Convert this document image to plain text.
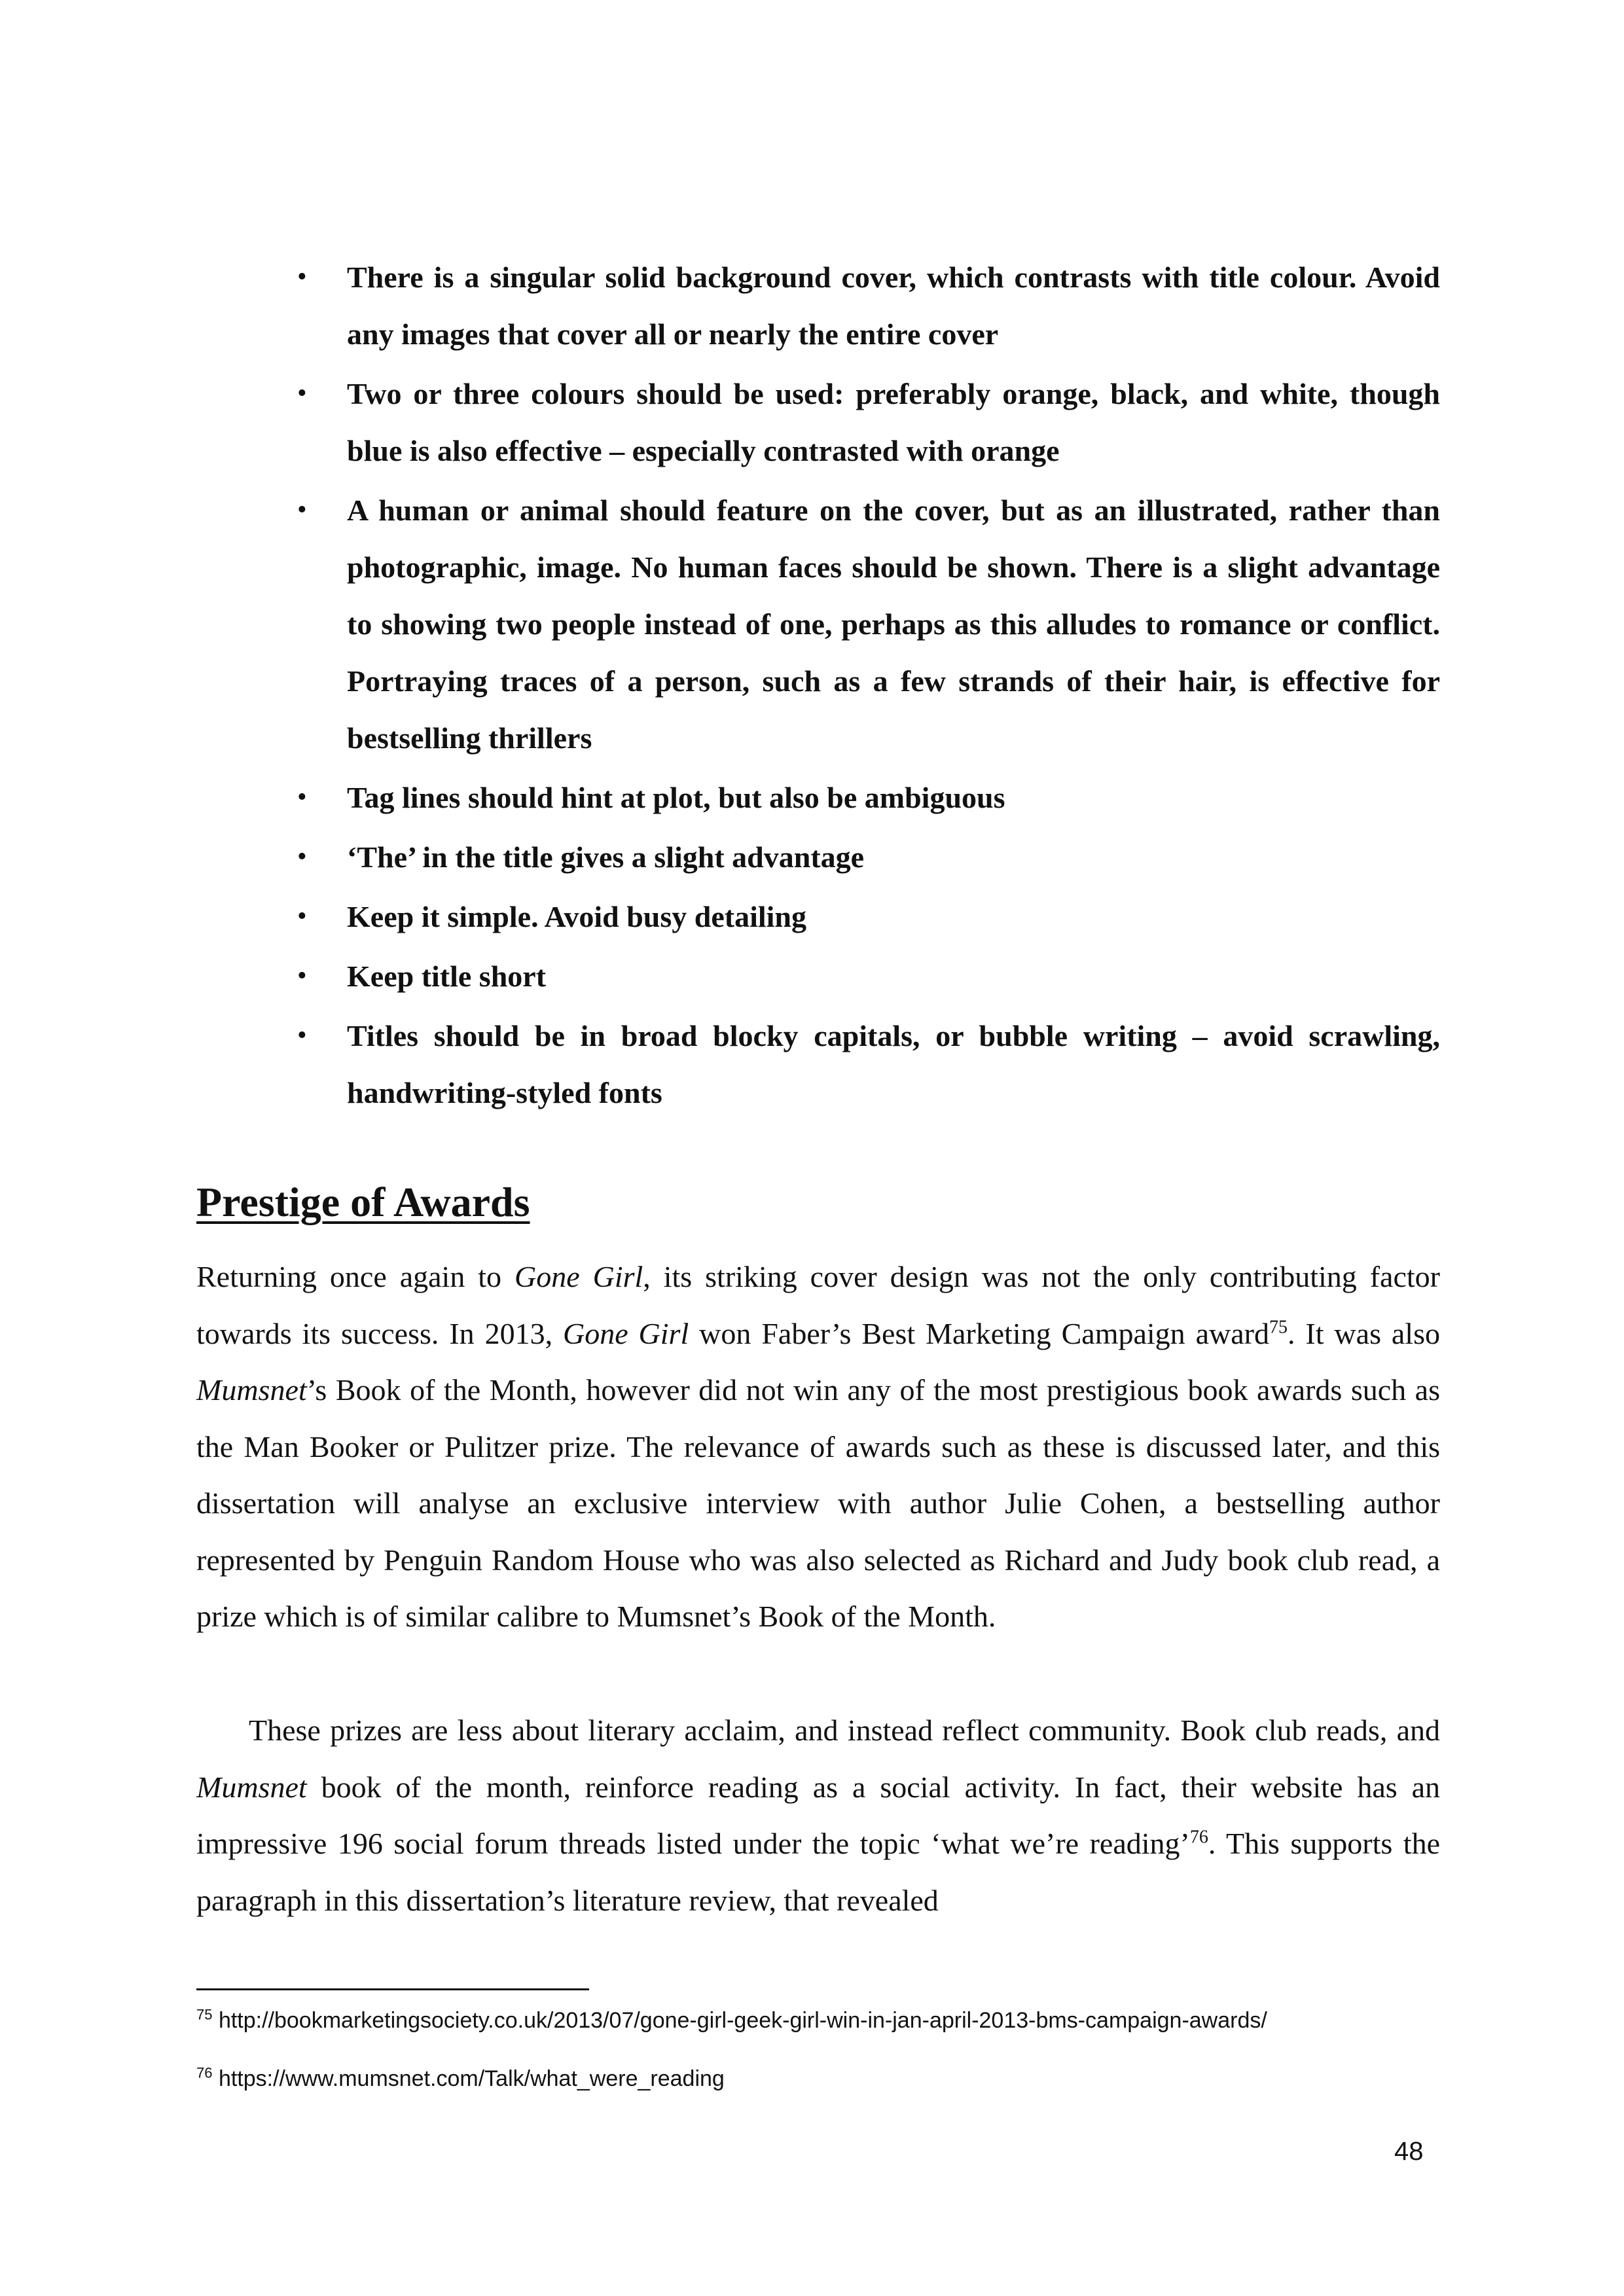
• There is a singular solid background cover, which contrasts with title colour. Avoid any images that cover all or nearly the entire cover
• Two or three colours should be used: preferably orange, black, and white, though blue is also effective – especially contrasted with orange
• A human or animal should feature on the cover, but as an illustrated, rather than photographic, image. No human faces should be shown. There is a slight advantage to showing two people instead of one, perhaps as this alludes to romance or conflict. Portraying traces of a person, such as a few strands of their hair, is effective for bestselling thrillers
• Tag lines should hint at plot, but also be ambiguous
• ‘The’ in the title gives a slight advantage
• Keep it simple. Avoid busy detailing
• Keep title short
• Titles should be in broad blocky capitals, or bubble writing – avoid scrawling, handwriting-styled fonts
Prestige of Awards

Returning once again to Gone Girl, its striking cover design was not the only contributing factor towards its success. In 2013, Gone Girl won Faber’s Best Marketing Campaign award$^{75}$. It was also Mumsnet’s Book of the Month, however did not win any of the most prestigious book awards such as the Man Booker or Pulitzer prize. The relevance of awards such as these is discussed later, and this dissertation will analyse an exclusive interview with author Julie Cohen, a bestselling author represented by Penguin Random House who was also selected as Richard and Judy book club read, a prize which is of similar calibre to Mumsnet’s Book of the Month.

These prizes are less about literary acclaim, and instead reflect community. Book club reads, and Mumsnet book of the month, reinforce reading as a social activity. In fact, their website has an impressive 196 social forum threads listed under the topic ‘what we’re reading’$^{76}$. This supports the paragraph in this dissertation’s literature review, that revealed

$^{75}$ http://bookmarketingsociety.co.uk/2013/07/gone-girl-geek-girl-win-in-jan-april-2013-bms-campaign-awards/

$^{76}$ https://www.mumsnet.com/Talk/what_were_reading

48
